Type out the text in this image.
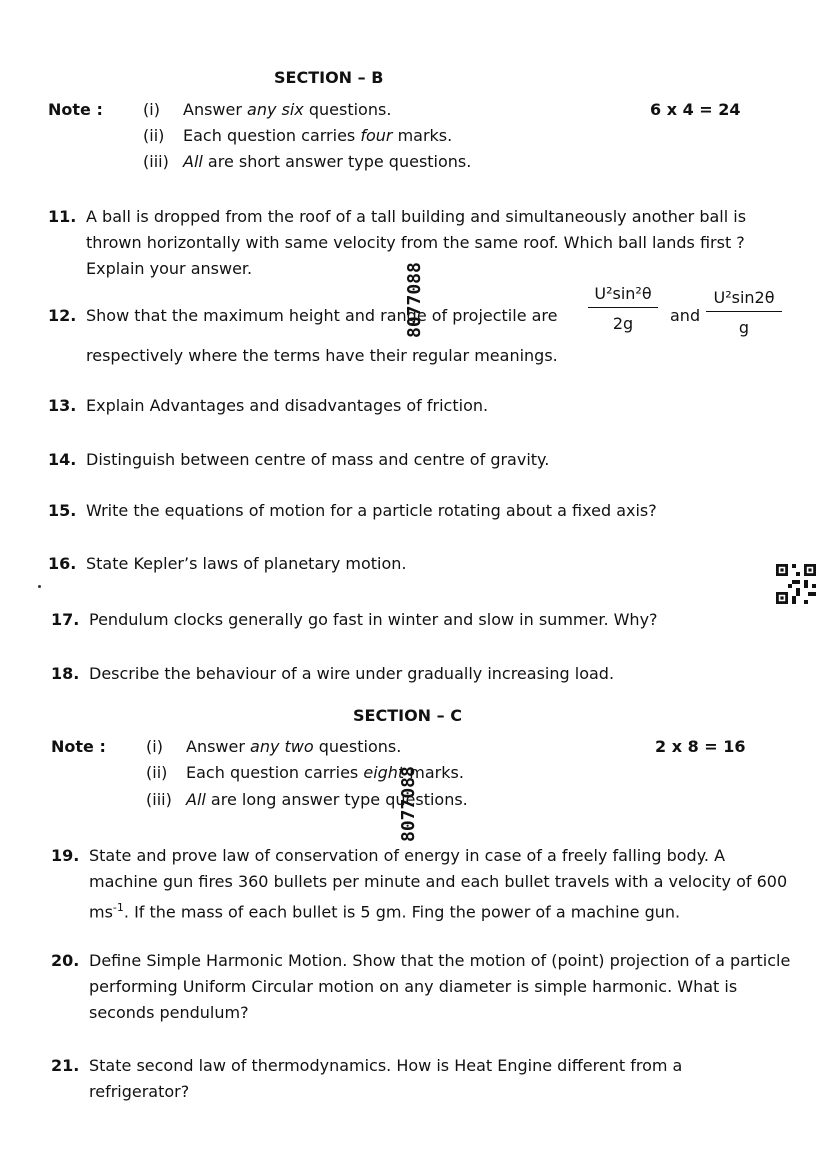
SECTION – B
Note :	6 x 4 = 24
(i) Answer any six questions.
(ii) Each question carries four marks.
(iii) All are short answer type questions.
11. A ball is dropped from the roof of a tall building and simultaneously another ball is thrown horizontally with same velocity from the same roof. Which ball lands first ? Explain your answer.
12. Show that the maximum height and range of projectile are
U²sin²θ
2g	and
U²sin2θ
g
respectively where the terms have their regular meanings.
13. Explain Advantages and disadvantages of friction.
14. Distinguish between centre of mass and centre of gravity.
15. Write the equations of motion for a particle rotating about a fixed axis?
16. State Kepler’s laws of planetary motion.
17. Pendulum clocks generally go fast in winter and slow in summer. Why?
18. Describe the behaviour of a wire under gradually increasing load.
SECTION – C
Note :	2 x 8 = 16
(i) Answer any two questions.
(ii) Each question carries eight marks.
(iii) All are long answer type questions.
19. State and prove law of conservation of energy in case of a freely falling body. A machine gun fires 360 bullets per minute and each bullet travels with a velocity of 600 $ms^{-1}$. If the mass of each bullet is 5 gm. Fing the power of a machine gun.
20. Define Simple Harmonic Motion. Show that the motion of (point) projection of a particle performing Uniform Circular motion on any diameter is simple harmonic. What is seconds pendulum?
21. State second law of thermodynamics. How is Heat Engine different from a refrigerator?
8077088
8077088
